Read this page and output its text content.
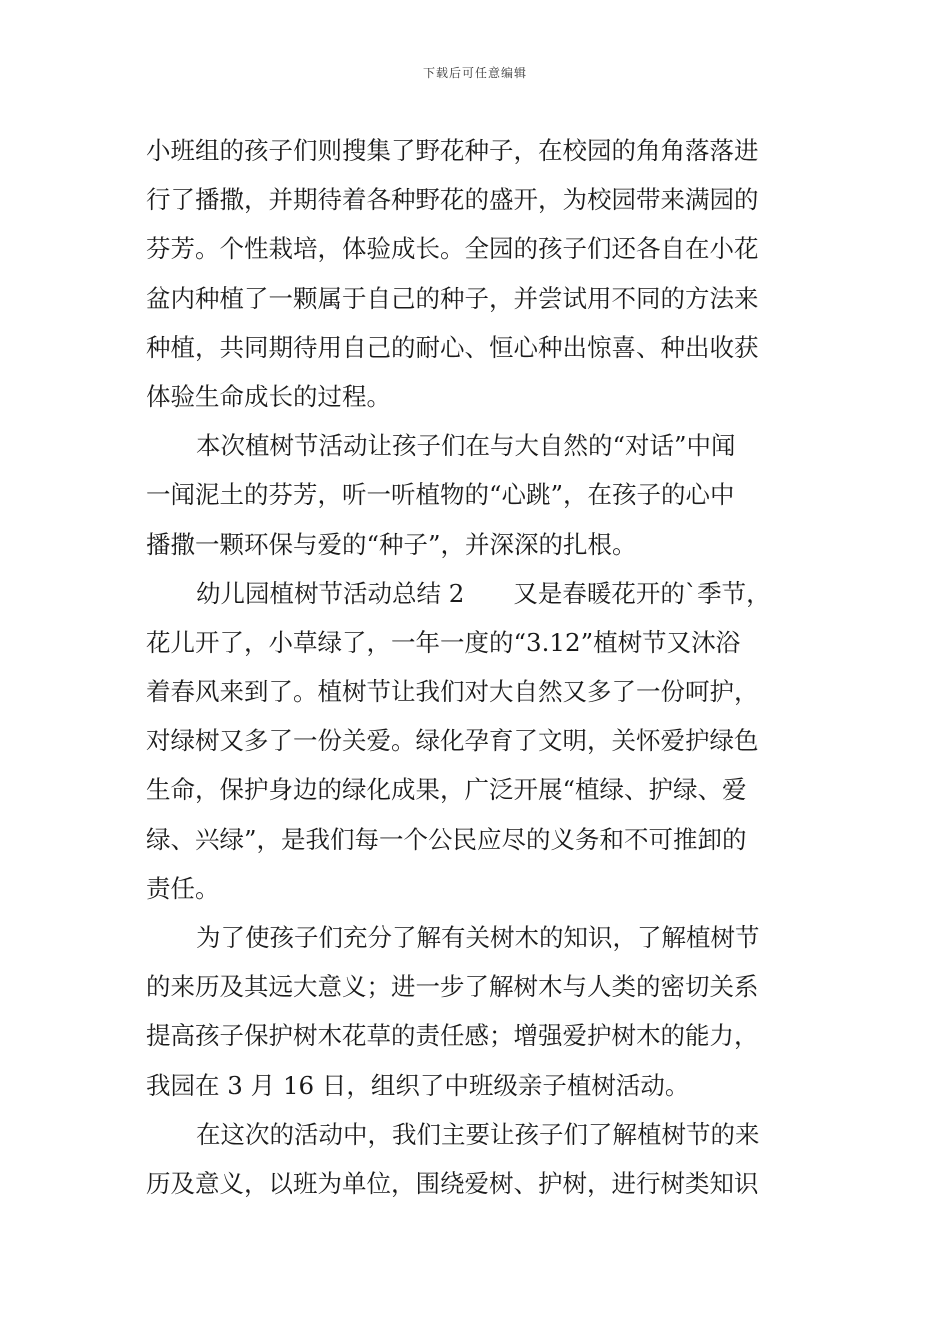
下载后可任意编辑
小班组的孩子们则搜集了野花种子，在校园的角角落落进
行了播撒，并期待着各种野花的盛开，为校园带来满园的
芬芳。个性栽培，体验成长。全园的孩子们还各自在小花
盆内种植了一颗属于自己的种子，并尝试用不同的方法来
种植，共同期待用自己的耐心、恒心种出惊喜、种出收获
体验生命成长的过程。
本次植树节活动让孩子们在与大自然的“对话”中闻
一闻泥土的芬芳，听一听植物的“心跳”，在孩子的心中
播撒一颗环保与爱的“种子”，并深深的扎根。
幼儿园植树节活动总结 2　　又是春暖花开的`季节，
花儿开了，小草绿了，一年一度的“3.12”植树节又沐浴
着春风来到了。植树节让我们对大自然又多了一份呵护，
对绿树又多了一份关爱。绿化孕育了文明，关怀爱护绿色
生命，保护身边的绿化成果，广泛开展“植绿、护绿、爱
绿、兴绿”，是我们每一个公民应尽的义务和不可推卸的
责任。
为了使孩子们充分了解有关树木的知识，了解植树节
的来历及其远大意义；进一步了解树木与人类的密切关系
提高孩子保护树木花草的责任感；增强爱护树木的能力，
我园在 3 月 16 日，组织了中班级亲子植树活动。
在这次的活动中，我们主要让孩子们了解植树节的来
历及意义，以班为单位，围绕爱树、护树，进行树类知识
